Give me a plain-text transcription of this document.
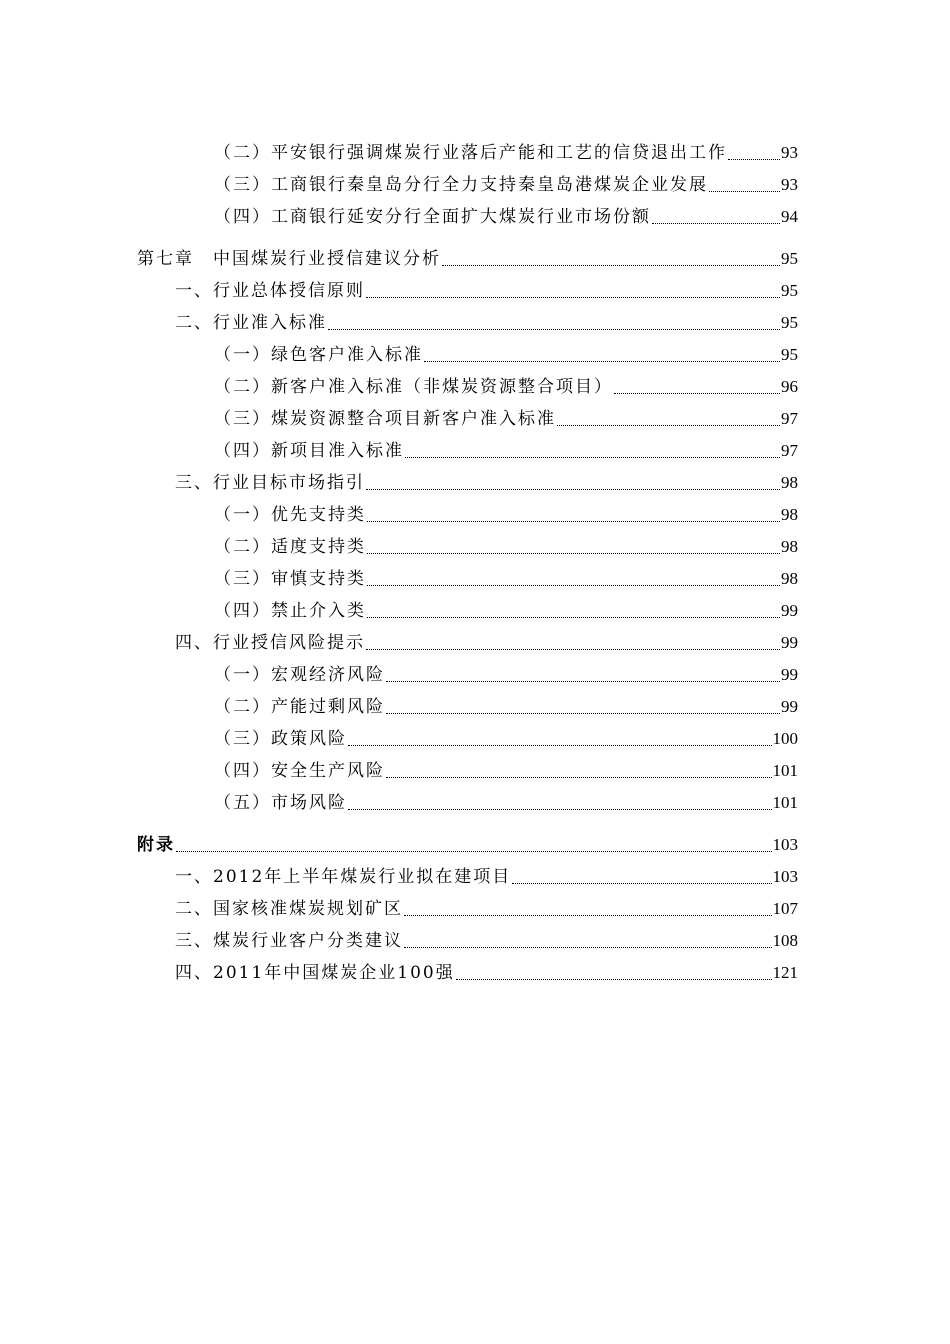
（二）平安银行强调煤炭行业落后产能和工艺的信贷退出工作	93
（三）工商银行秦皇岛分行全力支持秦皇岛港煤炭企业发展	93
（四）工商银行延安分行全面扩大煤炭行业市场份额	94
第七章　中国煤炭行业授信建议分析	95
一、行业总体授信原则	95
二、行业准入标准	95
（一）绿色客户准入标准	95
（二）新客户准入标准（非煤炭资源整合项目）	96
（三）煤炭资源整合项目新客户准入标准	97
（四）新项目准入标准	97
三、行业目标市场指引	98
（一）优先支持类	98
（二）适度支持类	98
（三）审慎支持类	98
（四）禁止介入类	99
四、行业授信风险提示	99
（一）宏观经济风险	99
（二）产能过剩风险	99
（三）政策风险	100
（四）安全生产风险	101
（五）市场风险	101
附录	103
一、2012年上半年煤炭行业拟在建项目	103
二、国家核准煤炭规划矿区	107
三、煤炭行业客户分类建议	108
四、2011年中国煤炭企业100强	121
